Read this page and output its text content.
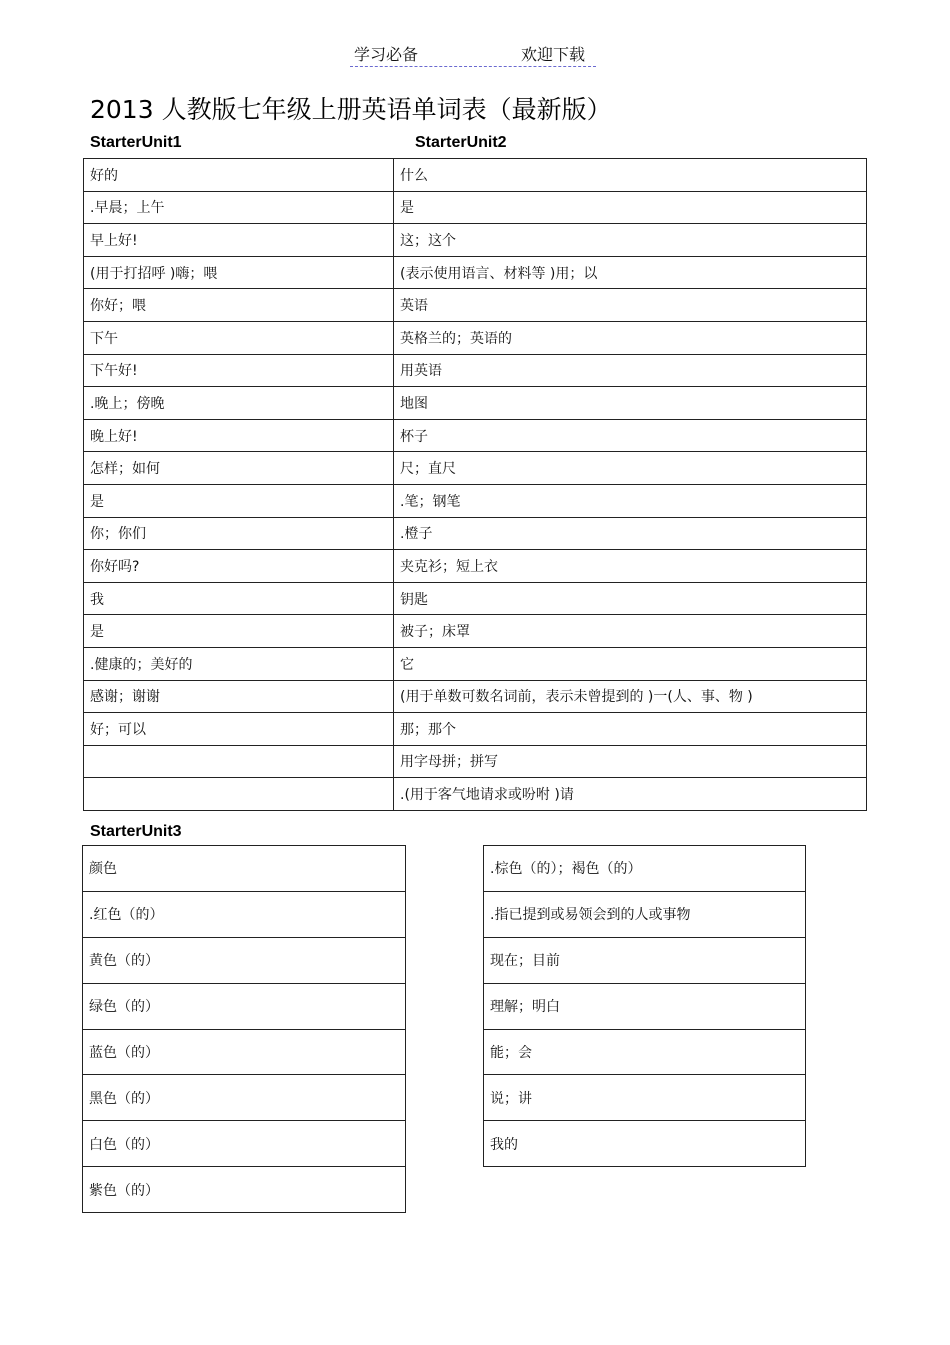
学习必备	欢迎下载
2013 人教版七年级上册英语单词表（最新版）
StarterUnit1	StarterUnit2
好的	什么
.早晨；上午	是
早上好!	这；这个
(用于打招呼 )嗨；喂	(表示使用语言、材料等 )用；以
你好；喂	英语
下午	英格兰的；英语的
下午好!	用英语
.晚上；傍晚	地图
晚上好!	杯子
怎样；如何	尺；直尺
是	.笔；钢笔
你；你们	.橙子
你好吗?	夹克衫；短上衣
我	钥匙
是	被子；床罩
.健康的；美好的	它
感谢；谢谢	(用于单数可数名词前，表示未曾提到的 )一(人、事、物 )
好；可以	那；那个
	用字母拼；拼写
	.(用于客气地请求或吩咐 )请
StarterUnit3
颜色
.红色（的）
黄色（的）
绿色（的）
蓝色（的）
黑色（的）
白色（的）
紫色（的）
.棕色（的）；褐色（的）
.指已提到或易领会到的人或事物
现在；目前
理解；明白
能；会
说；讲
我的
